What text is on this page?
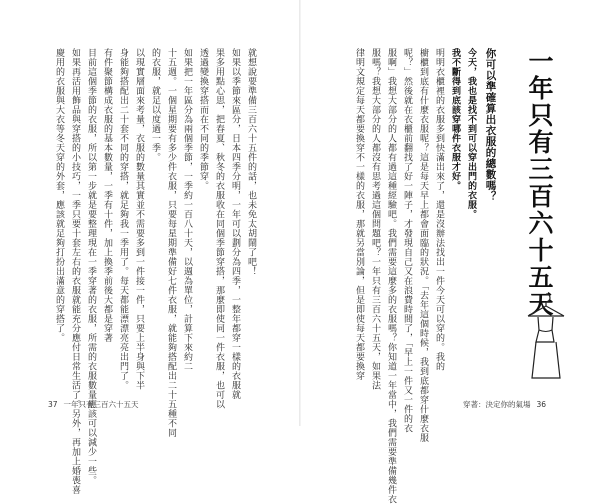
一年只有三百六十五天
你可以準確算出衣服的總數嗎？
今天，我也是找不到可以穿出門的衣服。
我不斷得到底該穿哪件衣服才好。
明明衣櫃裡的衣服多到快滿出來了，還是沒辦法找出一件今天可以穿的。我的
櫥櫃到底有什麼衣服呢？這是每天早上都會面臨的狀況。「去年這個時候，我到底都穿什麼衣服
呢？」然後就在衣櫃前翻找了好一陣子，才發現自己又在浪費時間了，「早上一件又一件的衣
服啊」我想大部分的人都有過這種經驗吧。我們需要這麼多的衣服嗎？你知道一年當中，我們需要準備幾件衣
服嗎？我想大部分的人都沒有思考過這個問題吧？一年只有三百六十五天，如果法
律明文規定每天都要換穿不一樣的衣服，那就另當別論，但是即使每天都要換穿
穿著：決定你的氣場 36
就想說要準備三百六十五件的話，也未免太胡鬧了吧！
如果以季節來區分，日本四季分明，一年可以劃分為四季，一整年都穿一樣的衣服就
果多用點心思，把春夏、秋冬的衣服收在同個季節穿搭，那麼即使同一件衣服，也可以
透過變換穿搭而在不同的季節穿。
如果把一年區分為兩個季節，一季約一百八十天，以週為單位，計算下來約二
十五週。一個星期要有多少件衣服，只要每星期準備好七件衣服，就能夠搭配出二十五種不同
的衣服，就足以度過一季。
以現實層面來考量，衣服的數量其實並不需要多到一件接一件，只要上半身與下半
身能夠搭配出二十套不同的穿搭，就足夠我一季用了。每天都能漂漂亮亮出門了。
有件聚節構成衣服的基本數量，一季有十件，加上換季前後大都是穿著
目前這個季節的衣服，所以第一步就是要整理現在一季穿著的衣服，所需的衣服數量應該可以減少一些。
如果再活用飾品與穿搭的小技巧，一季只要十套左右的衣服就能充分應付日常生活了。另外，再加上婚喪喜
慶用的衣服與大衣等冬天穿的外套，應該就足夠打扮出滿意的穿搭了。
37 一年只有三百六十五天
